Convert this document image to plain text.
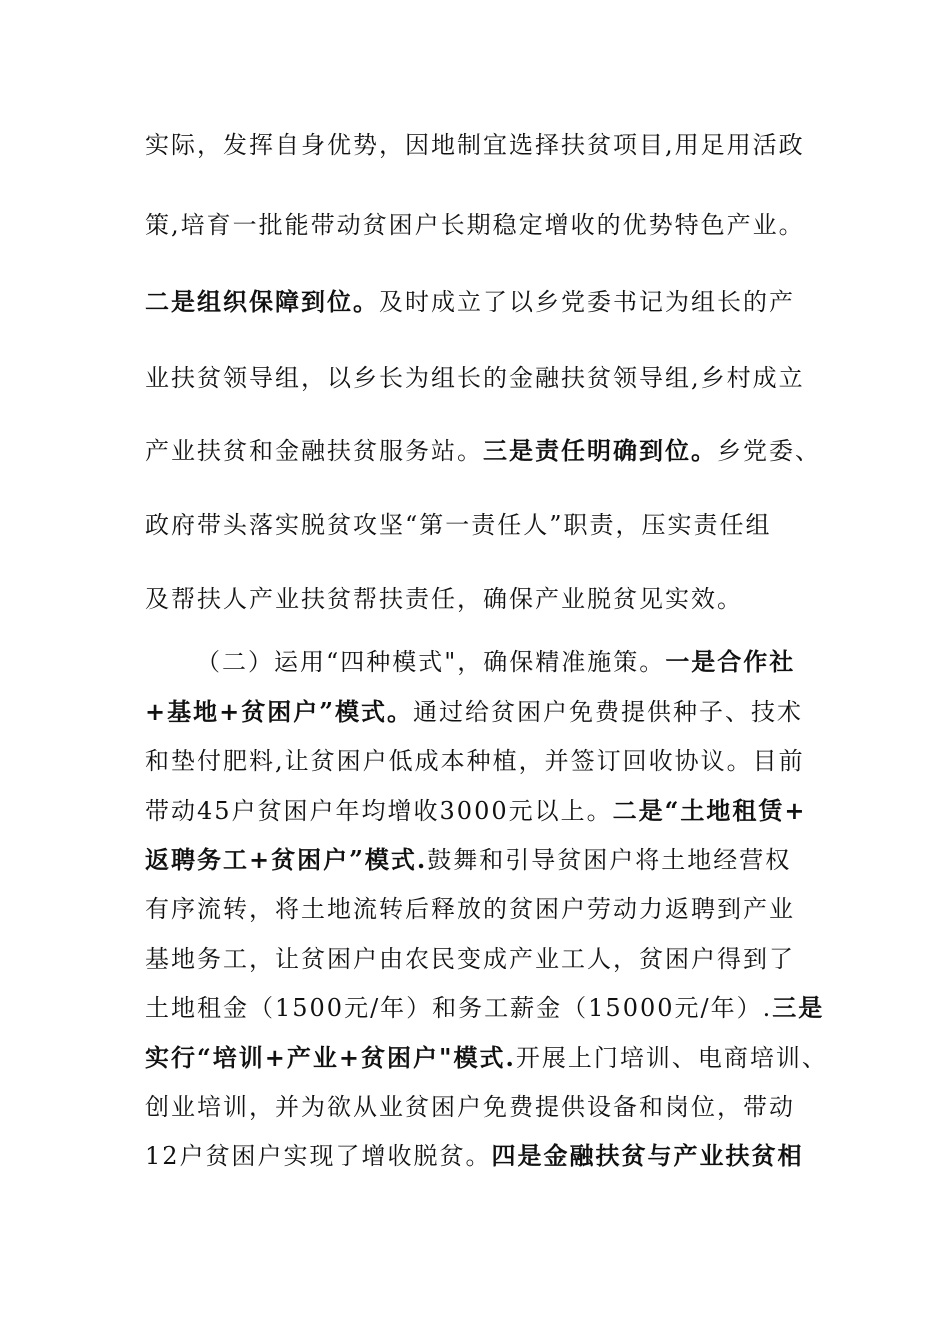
实际，发挥自身优势，因地制宜选择扶贫项目,用足用活政
策,培育一批能带动贫困户长期稳定增收的优势特色产业。
二是组织保障到位。及时成立了以乡党委书记为组长的产
业扶贫领导组，以乡长为组长的金融扶贫领导组,乡村成立
产业扶贫和金融扶贫服务站。三是责任明确到位。乡党委、
政府带头落实脱贫攻坚“第一责任人”职责，压实责任组
及帮扶人产业扶贫帮扶责任，确保产业脱贫见实效。
（二）运用“四种模式"，确保精准施策。一是合作社
+基地+贫困户”模式。通过给贫困户免费提供种子、技术
和垫付肥料,让贫困户低成本种植，并签订回收协议。目前
带动45户贫困户年均增收3000元以上。二是“土地租赁+
返聘务工+贫困户”模式.鼓舞和引导贫困户将土地经营权
有序流转，将土地流转后释放的贫困户劳动力返聘到产业
基地务工，让贫困户由农民变成产业工人，贫困户得到了
土地租金（1500元/年）和务工薪金（15000元/年）.三是
实行“培训+产业+贫困户"模式.开展上门培训、电商培训、
创业培训，并为欲从业贫困户免费提供设备和岗位，带动
12户贫困户实现了增收脱贫。四是金融扶贫与产业扶贫相
